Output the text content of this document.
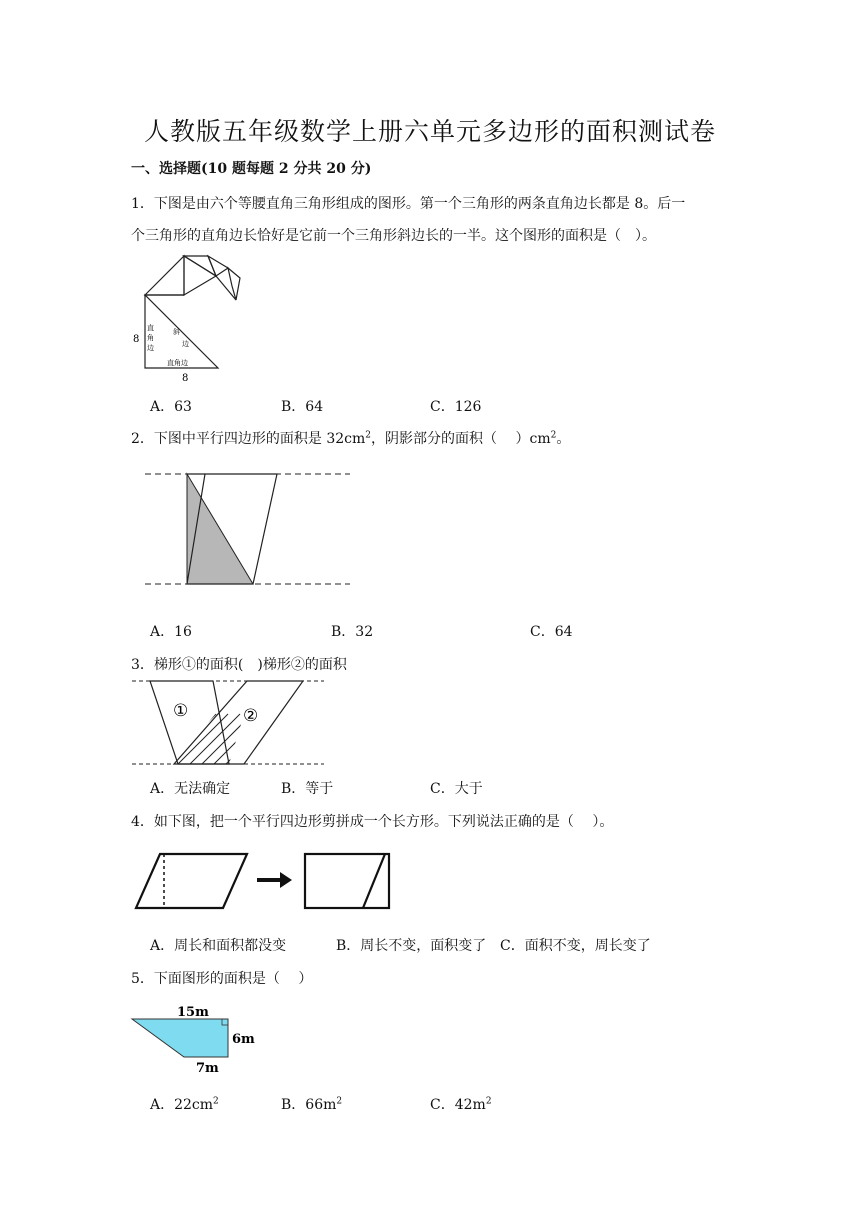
人教版五年级数学上册六单元多边形的面积测试卷
一、选择题(10 题每题 2 分共 20 分)
1．下图是由六个等腰直角三角形组成的图形。第一个三角形的两条直角边长都是 8。后一
个三角形的直角边长恰好是它前一个三角形斜边长的一半。这个图形的面积是（　）。
8
直
角
边
斜
边
直角边
8
A．63	B．64	C．126
2．下图中平行四边形的面积是 $32cm^2$，阴影部分的面积（　 ）$cm^2$。
A．16	B．32	C．64
3．梯形①的面积(　)梯形②的面积
①	②
A．无法确定	B．等于	C．大于
4．如下图，把一个平行四边形剪拼成一个长方形。下列说法正确的是（　 ）。
A．周长和面积都没变	B．周长不变，面积变了 C．面积不变，周长变了
5．下面图形的面积是（　 ）
15m
6m
7m
A．$22cm^2$	B．$66m^2$	C．$42m^2$
